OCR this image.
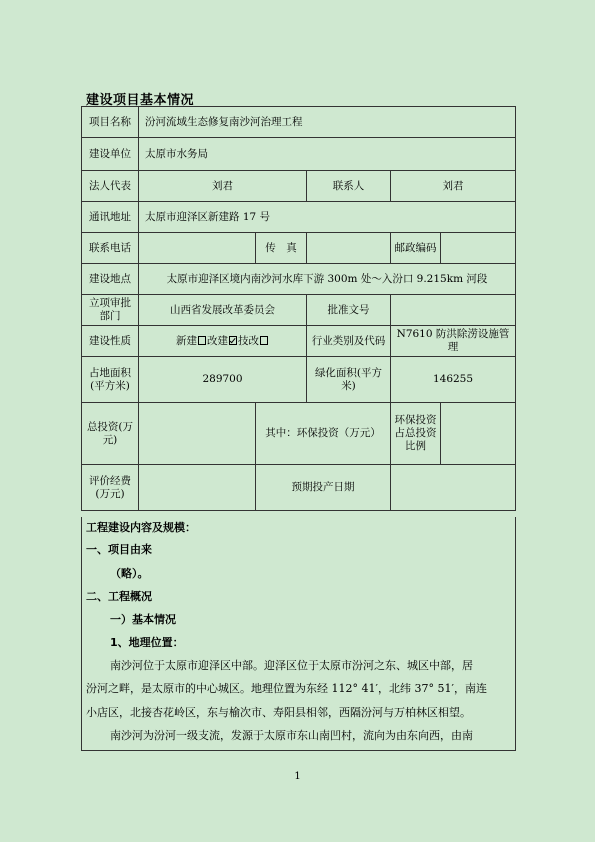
建设项目基本情况
项目名称	汾河流域生态修复南沙河治理工程				
建设单位	太原市水务局				
法人代表	刘君		联系人	刘君	
通讯地址	太原市迎泽区新建路 17 号				
联系电话		传　真		邮政编码	
建设地点	太原市迎泽区境内南沙河水库下游 300m 处～入汾口 9.215km 河段				
立项审批部门	山西省发展改革委员会		批准文号		
建设性质	新建 改建 技改		行业类别及代码	N7610 防洪除涝设施管理	
占地面积(平方米)	289700		绿化面积(平方米)	146255	
总投资(万元)		其中：环保投资（万元）		环保投资占总投资比例	
评价经费(万元)		预期投产日期			

工程建设内容及规模：

一、项目由来

（略）。

二、工程概况

一）基本情况

1、地理位置：

南沙河位于太原市迎泽区中部。迎泽区位于太原市汾河之东、城区中部，居

汾河之畔，是太原市的中心城区。地理位置为东经 112° 41′，北纬 37° 51′，南连

小店区，北接杏花岭区，东与榆次市、寿阳县相邻，西隔汾河与万柏林区相望。

南沙河为汾河一级支流，发源于太原市东山南凹村，流向为由东向西，由南

1
